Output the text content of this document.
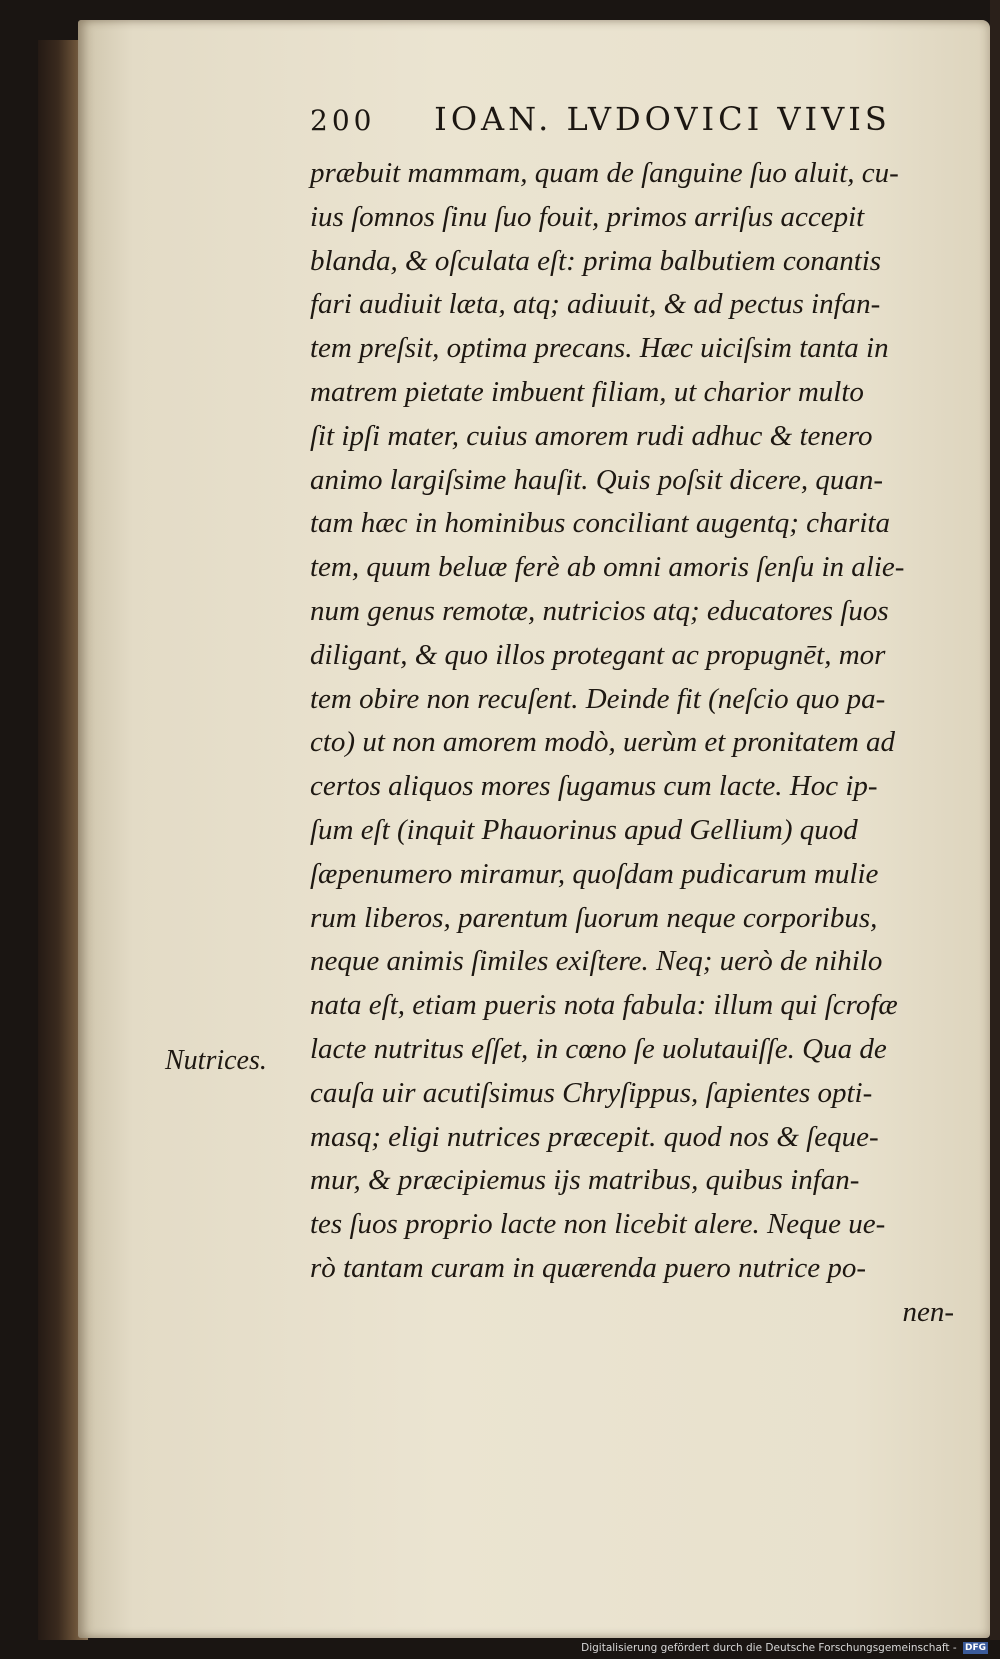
200 IOAN. LVDOVICI VIVIS
præbuit mammam, quam de ſanguine ſuo aluit, cu-
ius ſomnos ſinu ſuo fouit, primos arriſus accepit
blanda, & oſculata eſt: prima balbutiem conantis
fari audiuit læta, atq; adiuuit, & ad pectus infan-
tem preſsit, optima precans. Hæc uiciſsim tanta in
matrem pietate imbuent filiam, ut charior multo
ſit ipſi mater, cuius amorem rudi adhuc & tenero
animo largiſsime hauſit. Quis poſsit dicere, quan-
tam hæc in hominibus conciliant augentq; charita
tem, quum beluæ ferè ab omni amoris ſenſu in alie-
num genus remotæ, nutricios atq; educatores ſuos
diligant, & quo illos protegant ac propugnēt, mor
tem obire non recuſent. Deinde fit (neſcio quo pa-
cto) ut non amorem modò, uerùm et pronitatem ad
certos aliquos mores ſugamus cum lacte. Hoc ip-
ſum eſt (inquit Phauorinus apud Gellium) quod
ſæpenumero miramur, quoſdam pudicarum mulie
rum liberos, parentum ſuorum neque corporibus,
neque animis ſimiles exiſtere. Neq; uerò de nihilo
nata eſt, etiam pueris nota fabula: illum qui ſcrofæ
lacte nutritus eſſet, in cœno ſe uolutauiſſe. Qua de
cauſa uir acutiſsimus Chryſippus, ſapientes opti-
masq; eligi nutrices præcepit. quod nos & ſeque-
mur, & præcipiemus ijs matribus, quibus infan-
tes ſuos proprio lacte non licebit alere. Neque ue-
rò tantam curam in quærenda puero nutrice po-
nen-
Nutrices.
Digitalisierung gefördert durch die Deutsche Forschungsgemeinschaft - DFG
